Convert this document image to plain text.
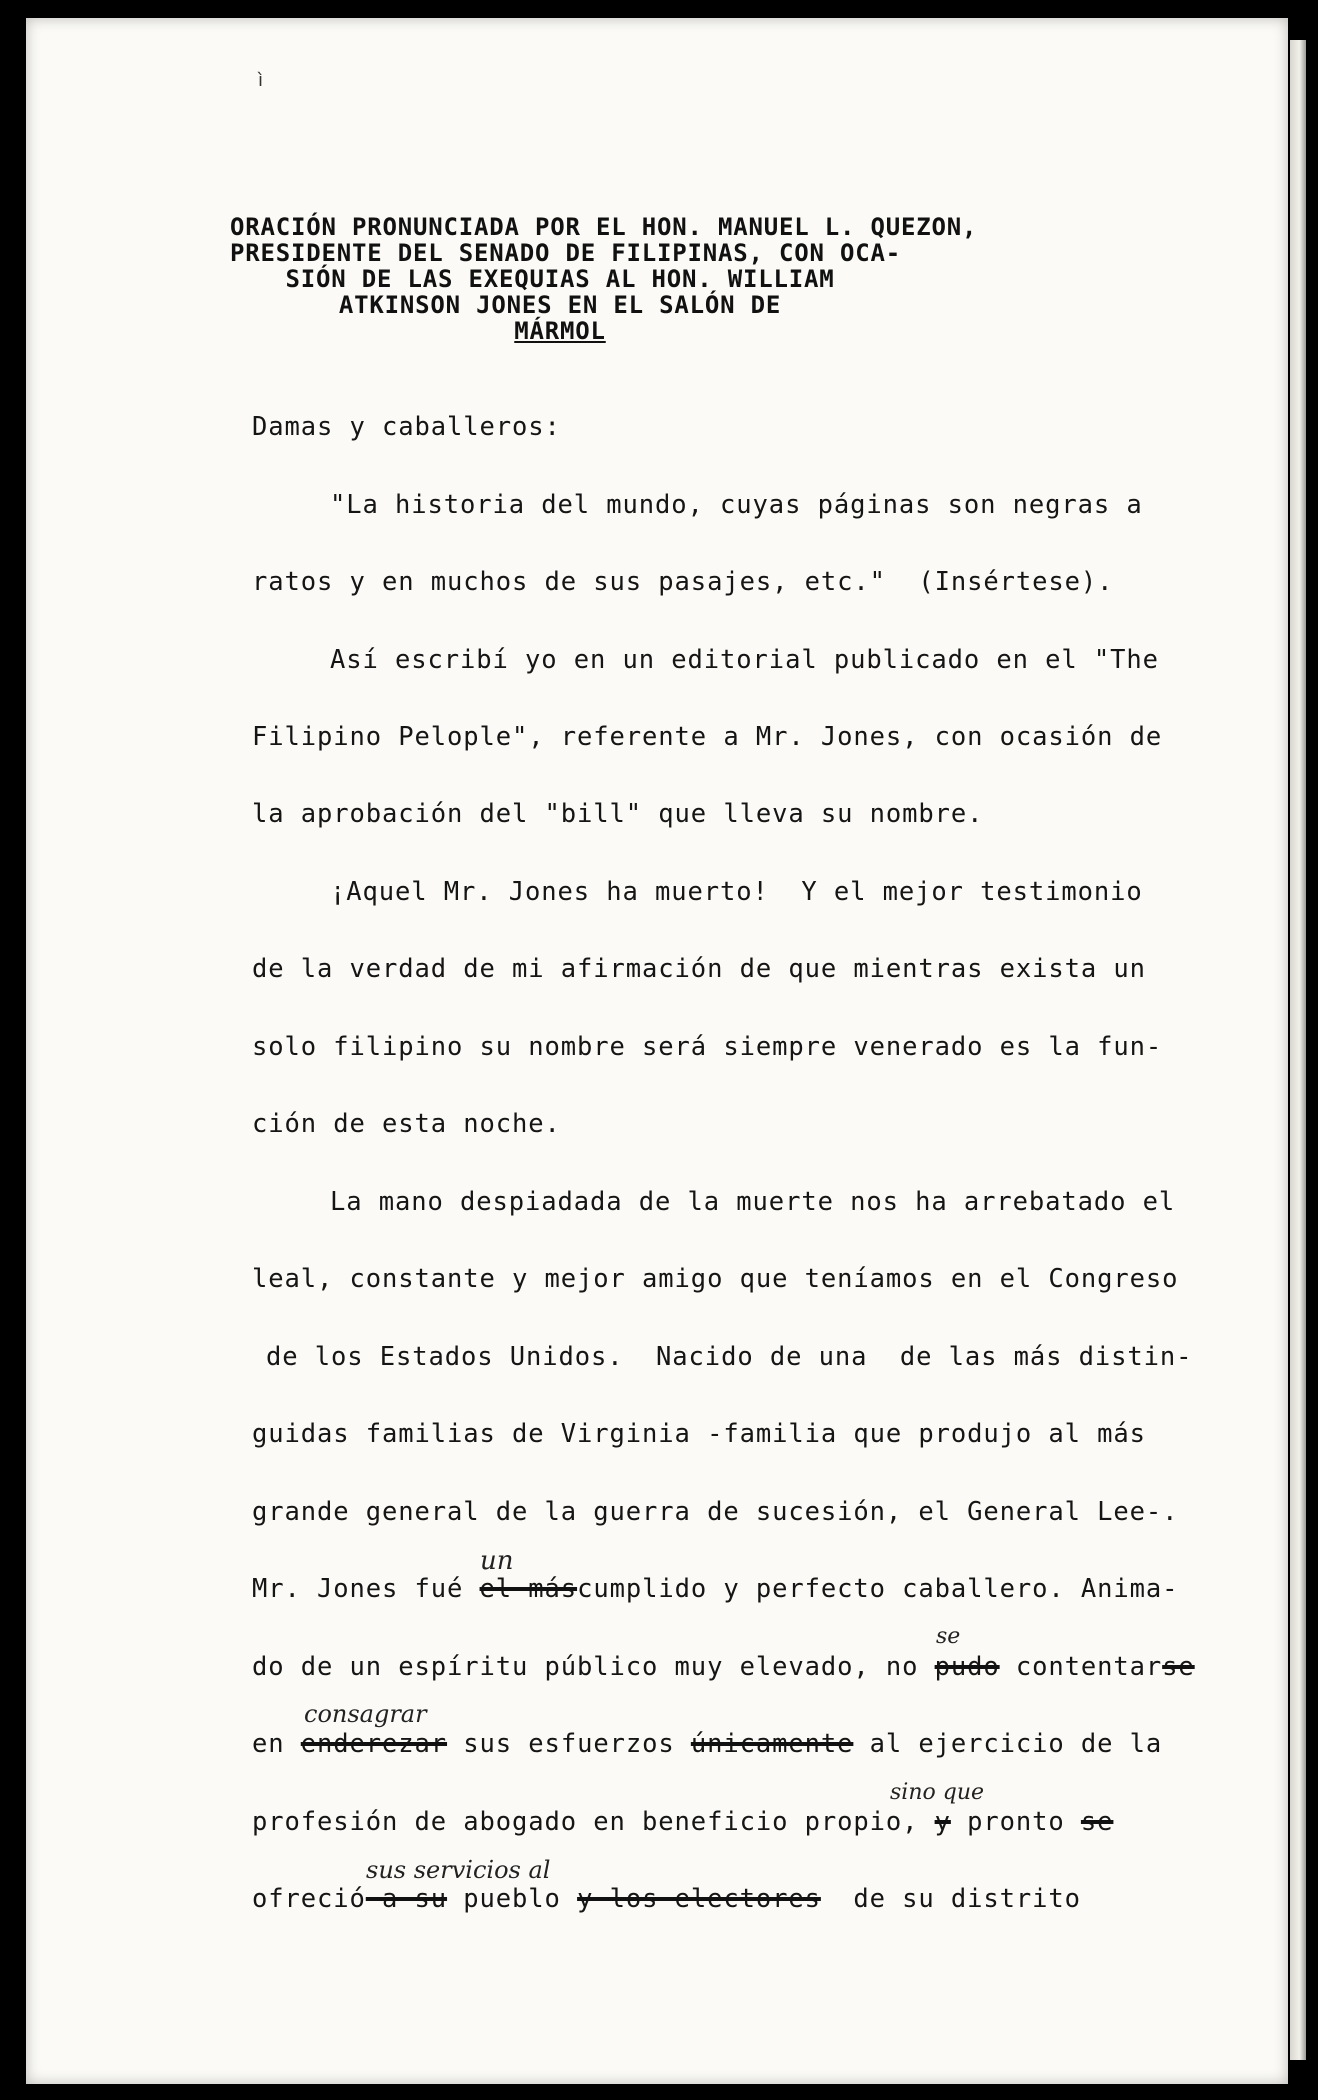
ì
ORACIÓN PRONUNCIADA POR EL HON. MANUEL L. QUEZON,
PRESIDENTE DEL SENADO DE FILIPINAS, CON OCA-
SIÓN DE LAS EXEQUIAS AL HON. WILLIAM
ATKINSON JONES EN EL SALÓN DE
MÁRMOL
Damas y caballeros:
"La historia del mundo, cuyas páginas son negras a
ratos y en muchos de sus pasajes, etc."  (Insértese).
Así escribí yo en un editorial publicado en el "The
Filipino Pelople", referente a Mr. Jones, con ocasión de
la aprobación del "bill" que lleva su nombre.
¡Aquel Mr. Jones ha muerto!  Y el mejor testimonio
de la verdad de mi afirmación de que mientras exista un
solo filipino su nombre será siempre venerado es la fun-
ción de esta noche.
La mano despiadada de la muerte nos ha arrebatado el
leal, constante y mejor amigo que teníamos en el Congreso
de los Estados Unidos.  Nacido de una  de las más distin-
guidas familias de Virginia -familia que produjo al más
grande general de la guerra de sucesión, el General Lee-.
un
Mr. Jones fué el máscumplido y perfecto caballero. Anima-
se
do de un espíritu público muy elevado, no pudo contentarse
consagrar
en enderezar sus esfuerzos únicamente al ejercicio de la
sino que
profesión de abogado en beneficio propio, y pronto se
sus servicios al
ofreció a su pueblo y los electores  de su distrito
